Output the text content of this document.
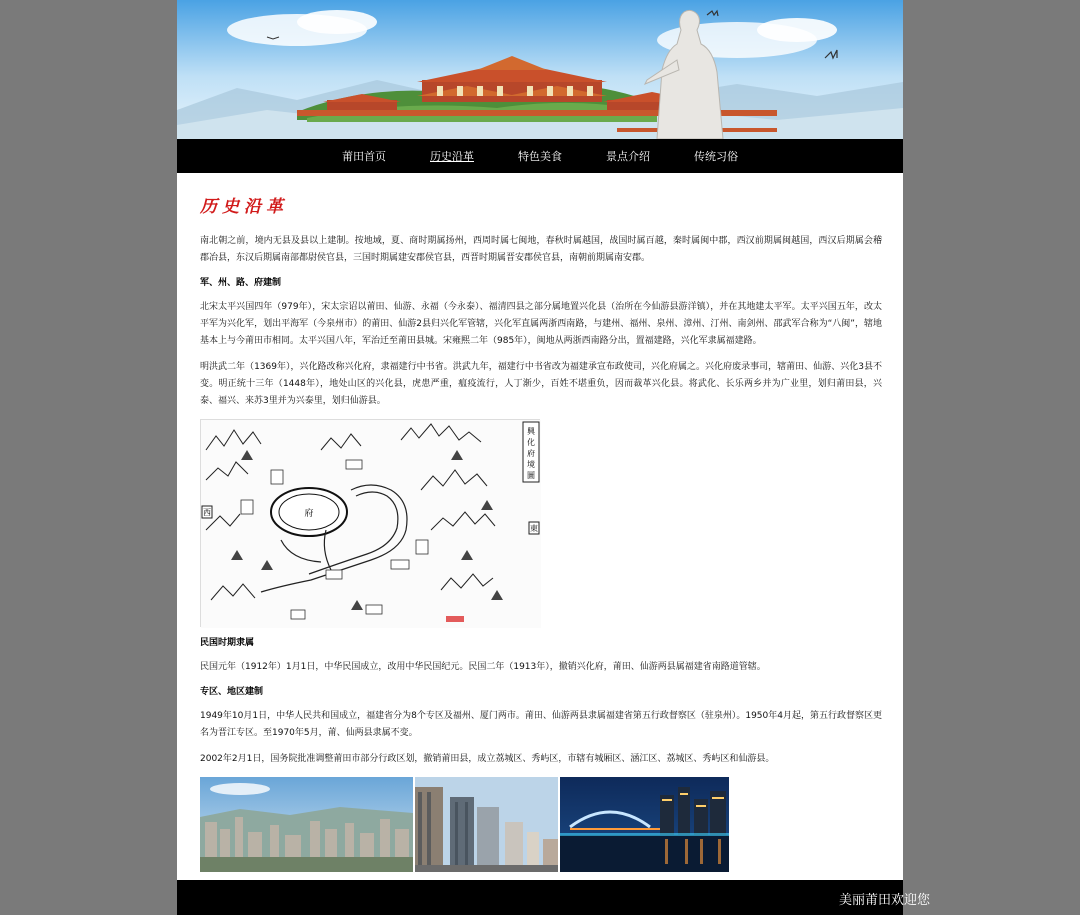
莆田首页	历史沿革	特色美食	景点介绍	传统习俗
历史沿革

南北朝之前，境内无县及县以上建制。按地域，夏、商时期属扬州，西周时属七闽地，春秋时属越国，战国时属百越，秦时属闽中郡，西汉前期属闽越国，西汉后期属会稽郡冶县，东汉后期属南部都尉侯官县，三国时期属建安郡侯官县，西晋时期属晋安郡侯官县，南朝前期属南安郡。

军、州、路、府建制

北宋太平兴国四年（979年），宋太宗诏以莆田、仙游、永福（今永泰）、福清四县之部分属地置兴化县（治所在今仙游县游洋镇），并在其地建太平军。太平兴国五年，改太平军为兴化军，划出平海军（今泉州市）的莆田、仙游2县归兴化军管辖，兴化军直属两浙西南路，与建州、福州、泉州、漳州、汀州、南剑州、邵武军合称为“八闽”，辖地基本上与今莆田市相同。太平兴国八年，军治迁至莆田县城。宋雍熙二年（985年），闽地从两浙西南路分出，置福建路，兴化军隶属福建路。

明洪武二年（1369年），兴化路改称兴化府，隶福建行中书省。洪武九年，福建行中书省改为福建承宣布政使司，兴化府属之。兴化府废录事司，辖莆田、仙游、兴化3县不变。明正统十三年（1448年），地处山区的兴化县，虎患严重，瘟疫流行，人丁渐少，百姓不堪重负，因而裁革兴化县。将武化、长乐两乡并为广业里，划归莆田县，兴泰、福兴、来苏3里并为兴泰里，划归仙游县。

興
化
府
境
圖
西
東
府
民国时期隶属

民国元年（1912年）1月1日，中华民国成立，改用中华民国纪元。民国二年（1913年），撤销兴化府，莆田、仙游两县属福建省南路道管辖。

专区、地区建制

1949年10月1日，中华人民共和国成立，福建省分为8个专区及福州、厦门两市。莆田、仙游两县隶属福建省第五行政督察区（驻泉州）。1950年4月起，第五行政督察区更名为晋江专区。至1970年5月，莆、仙两县隶属不变。

2002年2月1日，国务院批准调整莆田市部分行政区划，撤销莆田县，成立荔城区、秀屿区，市辖有城厢区、涵江区、荔城区、秀屿区和仙游县。

美丽莆田欢迎您
